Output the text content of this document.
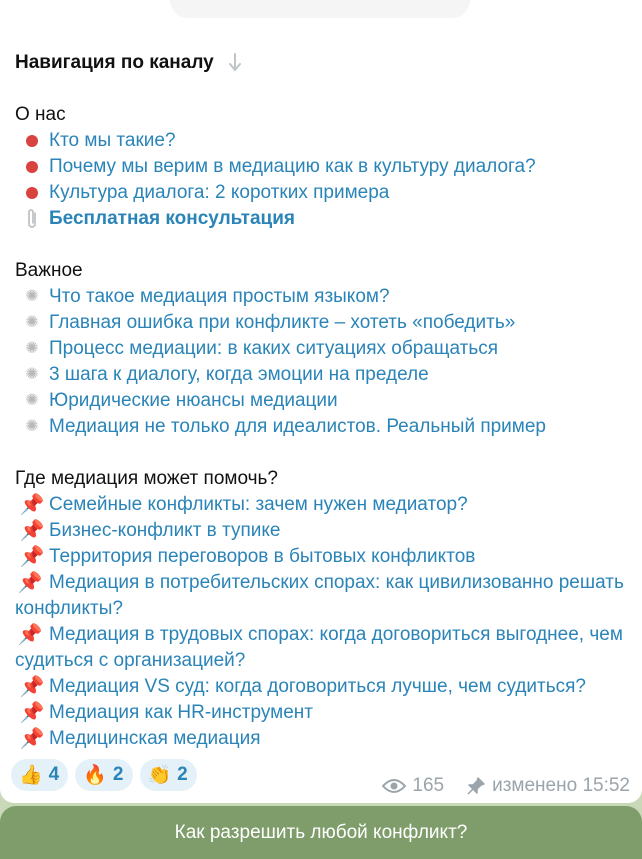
Навигация по каналу
О нас
Кто мы такие?
Почему мы верим в медиацию как в культуру диалога?
Культура диалога: 2 коротких примера
Бесплатная консультация
Важное
✺ Что такое медиация простым языком?
✺ Главная ошибка при конфликте – хотеть «победить»
✺ Процесс медиации: в каких ситуациях обращаться
✺ 3 шага к диалогу, когда эмоции на пределе
✺ Юридические нюансы медиации
✺ Медиация не только для идеалистов. Реальный пример
Где медиация может помочь?
📌 Семейные конфликты: зачем нужен медиатор?
📌 Бизнес-конфликт в тупике
📌 Территория переговоров в бытовых конфликтов
📌 Медиация в потребительских спорах: как цивилизованно решать конфликты?
📌 Медиация в трудовых спорах: когда договориться выгоднее, чем судиться с организацией?
📌 Медиация VS суд: когда договориться лучше, чем судиться?
📌 Медиация как HR-инструмент
📌 Медицинская медиация
👍 4 🔥 2 👏 2
165	изменено 15:52
Как разрешить любой конфликт?
